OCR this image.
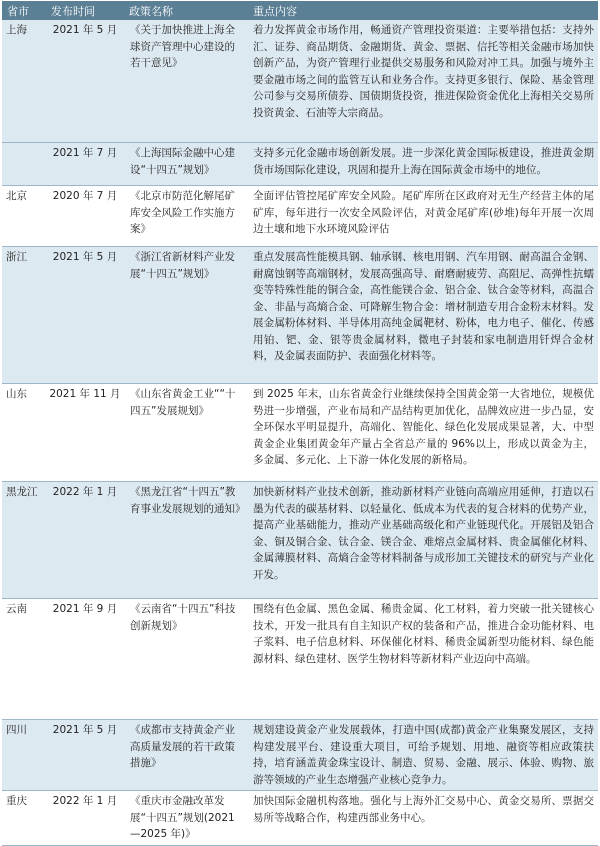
省市	发布时间	政策名称	重点内容
上海	2021 年 5 月	《关于加快推进上海全球资产管理中心建设的若干意见》	着力发挥黄金市场作用，畅通资产管理投资渠道：主要举措包括：支持外汇、证券、商品期货、金融期货、黄金、票据、信托等相关金融市场加快创新产品，为资产管理行业提供交易服务和风险对冲工具。加强与境外主要金融市场之间的监管互认和业务合作。支持更多银行、保险、基金管理公司参与交易所债券、国债期货投资，推进保险资金优化上海相关交易所投资黄金、石油等大宗商品。
	2021 年 7 月	《上海国际金融中心建设“十四五”规划》	支持多元化金融市场创新发展。进一步深化黄金国际板建设，推进黄金期货市场国际化建设，巩固和提升上海在国际黄金市场中的地位。
北京	2020 年 7 月	《北京市防范化解尾矿库安全风险工作实施方案》	全面评估管控尾矿库安全风险。尾矿库所在区政府对无生产经营主体的尾矿库，每年进行一次安全风险评估，对黄金尾矿库(砂堆)每年开展一次周边土壤和地下水环境风险评估
浙江	2021 年 5 月	《浙江省新材料产业发展“十四五”规划》	重点发展高性能模具钢、轴承钢、核电用钢、汽车用钢、耐高温合金钢、耐腐蚀钢等高端钢材，发展高强高导、耐磨耐疲劳、高阻尼、高弹性抗蠕变等特殊性能的铜合金，高性能镁合金、铝合金、钛合金等材料，高温合金、非晶与高熵合金、可降解生物合金：增材制造专用合金粉末材料。发展金属粉体材料、半导体用高纯金属靶材、粉体，电力电子、催化、传感用铂、钯、金、银等贵金属材料，微电子封装和家电制造用钎焊合金材料，及金属表面防护、表面强化材料等。
山东	2021 年 11 月	《山东省黄金工业““十四五”发展规划》	到 2025 年末，山东省黄金行业继续保持全国黄金第一大省地位，规模优势进一步增强，产业布局和产品结构更加优化，品牌效应进一步凸显，安全环保水平明显提升，高端化、智能化、绿色化发展成果显著，大、中型黄金企业集团黄金年产量占全省总产量的 96%以上，形成以黄金为主，多金属、多元化、上下游一体化发展的新格局。
黑龙江	2022 年 1 月	《黑龙江省“十四五”教育事业发展规划的通知》	加快新材料产业技术创新，推动新材料产业链向高端应用延伸，打造以石墨为代表的碳基材料、以轻量化、低成本为代表的复合材料的优势产业，提高产业基础能力，推动产业基础高级化和产业链现代化。开展铝及铝合金、铜及铜合金、钛合金、镁合金、难熔点金属材料、贵金属催化材料、金属薄膜材料、高熵合金等材料制备与成形加工关键技术的研究与产业化开发。
云南	2021 年 9 月	《云南省“十四五”科技创新规划》	围绕有色金属、黑色金属、稀贵金属、化工材料，着力突破一批关键核心技术，开发一批具有自主知识产权的装备和产品，推进合金功能材料、电子浆料、电子信息材料、环保催化材料、稀贵金属新型功能材料、绿色能源材料、绿色建材、医学生物材料等新材料产业迈向中高端。
四川	2021 年 5 月	《成都市支持黄金产业高质量发展的若干政策措施》	规划建设黄金产业发展载体，打造中国(成都)黄金产业集聚发展区，支持构建发展平台、建设重大项目，可给予规划、用地、融资等相应政策扶持，培育涵盖黄金珠宝设计、制造、贸易、金融、展示、体验、购物、旅游等领域的产业生态增强产业核心竞争力。
重庆	2022 年 1 月	《重庆市金融改革发展“十四五”规划(2021—2025 年)》	加快国际金融机构落地。强化与上海外汇交易中心、黄金交易所、票据交易所等战略合作，构建西部业务中心。
